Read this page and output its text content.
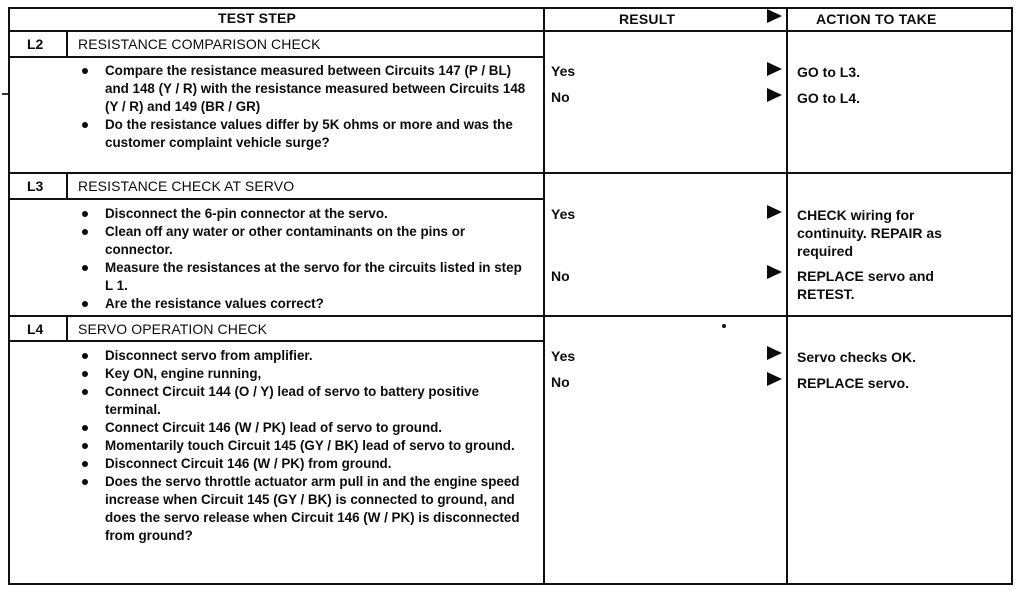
TEST STEP	RESULT	ACTION TO TAKE
L2 RESISTANCE COMPARISON CHECK
Compare the resistance measured between Circuits 147 (P / BL) and 148 (Y / R) with the resistance measured between Circuits 148 (Y / R) and 149 (BR / GR)
Do the resistance values differ by 5K ohms or more and was the customer complaint vehicle surge?
Yes	GO to L3.
No	GO to L4.
L3 RESISTANCE CHECK AT SERVO
Disconnect the 6-pin connector at the servo.
Clean off any water or other contaminants on the pins or connector.
Measure the resistances at the servo for the circuits listed in step L 1.
Are the resistance values correct?
Yes	CHECK wiring for
continuity. REPAIR as
required
No	REPLACE servo and
RETEST.
L4 SERVO OPERATION CHECK
Disconnect servo from amplifier.
Key ON, engine running,
Connect Circuit 144 (O / Y) lead of servo to battery positive terminal.
Connect Circuit 146 (W / PK) lead of servo to ground.
Momentarily touch Circuit 145 (GY / BK) lead of servo to ground.
Disconnect Circuit 146 (W / PK) from ground.
Does the servo throttle actuator arm pull in and the engine speed increase when Circuit 145 (GY / BK) is connected to ground, and does the servo release when Circuit 146 (W / PK) is disconnected from ground?
Yes	Servo checks OK.
No	REPLACE servo.
